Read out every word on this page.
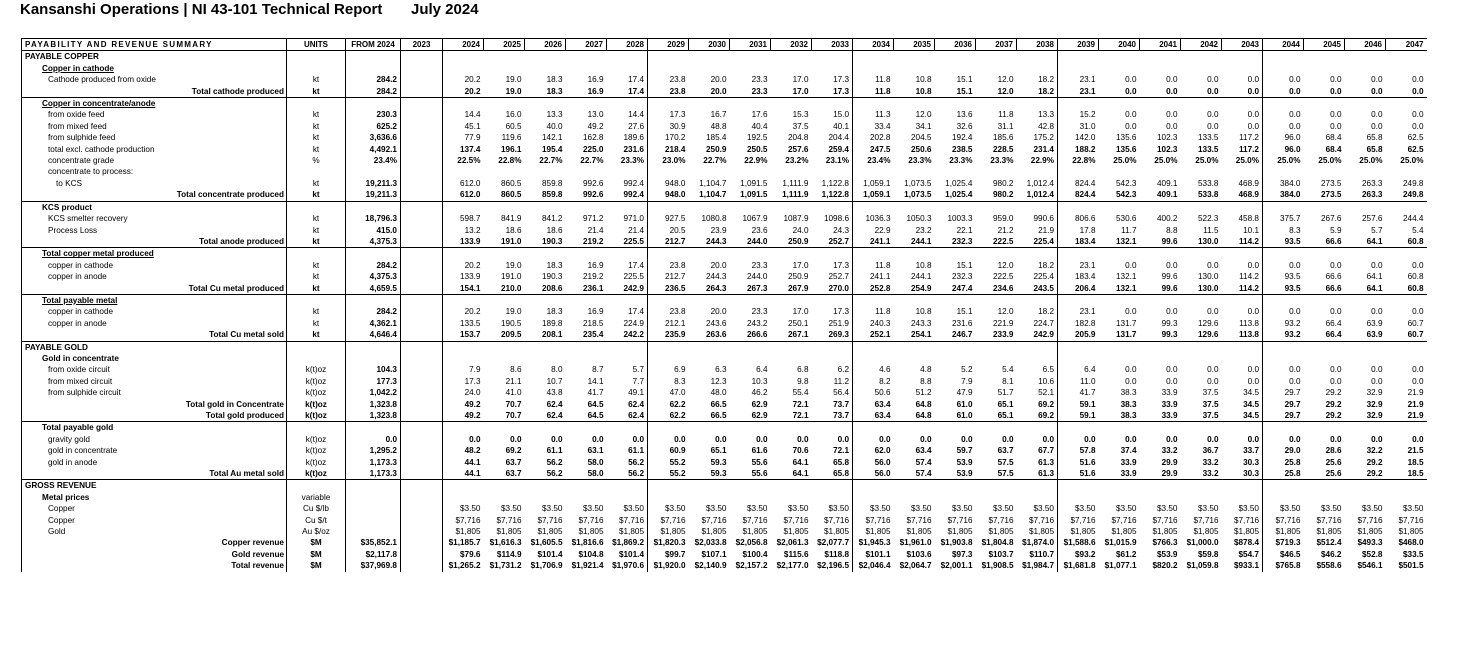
Kansanshi Operations | NI 43-101 Technical Report July 2024
PAYABILITY AND REVENUE SUMMARY	UNITS	FROM 2024	2023	2024	2025	2026	2027	2028	2029	2030	2031	2032	2033	2034	2035	2036	2037	2038	2039	2040	2041	2042	2043	2044	2045	2046	2047
PAYABLE COPPER																											
Copper in cathode																											
Cathode produced from oxide	kt	284.2		20.2	19.0	18.3	16.9	17.4	23.8	20.0	23.3	17.0	17.3	11.8	10.8	15.1	12.0	18.2	23.1	0.0	0.0	0.0	0.0	0.0	0.0	0.0	0.0
Total cathode produced	kt	284.2		20.2	19.0	18.3	16.9	17.4	23.8	20.0	23.3	17.0	17.3	11.8	10.8	15.1	12.0	18.2	23.1	0.0	0.0	0.0	0.0	0.0	0.0	0.0	0.0
Copper in concentrate/anode																											
from oxide feed	kt	230.3		14.4	16.0	13.3	13.0	14.4	17.3	16.7	17.6	15.3	15.0	11.3	12.0	13.6	11.8	13.3	15.2	0.0	0.0	0.0	0.0	0.0	0.0	0.0	0.0
from mixed feed	kt	625.2		45.1	60.5	40.0	49.2	27.6	30.9	48.8	40.4	37.5	40.1	33.4	34.1	32.6	31.1	42.8	31.0	0.0	0.0	0.0	0.0	0.0	0.0	0.0	0.0
from sulphide feed	kt	3,636.6		77.9	119.6	142.1	162.8	189.6	170.2	185.4	192.5	204.8	204.4	202.8	204.5	192.4	185.6	175.2	142.0	135.6	102.3	133.5	117.2	96.0	68.4	65.8	62.5
total excl. cathode production	kt	4,492.1		137.4	196.1	195.4	225.0	231.6	218.4	250.9	250.5	257.6	259.4	247.5	250.6	238.5	228.5	231.4	188.2	135.6	102.3	133.5	117.2	96.0	68.4	65.8	62.5
concentrate grade	%	23.4%		22.5%	22.8%	22.7%	22.7%	23.3%	23.0%	22.7%	22.9%	23.2%	23.1%	23.4%	23.3%	23.3%	23.3%	22.9%	22.8%	25.0%	25.0%	25.0%	25.0%	25.0%	25.0%	25.0%	25.0%
concentrate to process:																											
to KCS	kt	19,211.3		612.0	860.5	859.8	992.6	992.4	948.0	1,104.7	1,091.5	1,111.9	1,122.8	1,059.1	1,073.5	1,025.4	980.2	1,012.4	824.4	542.3	409.1	533.8	468.9	384.0	273.5	263.3	249.8
Total concentrate produced	kt	19,211.3		612.0	860.5	859.8	992.6	992.4	948.0	1,104.7	1,091.5	1,111.9	1,122.8	1,059.1	1,073.5	1,025.4	980.2	1,012.4	824.4	542.3	409.1	533.8	468.9	384.0	273.5	263.3	249.8
KCS product																											
KCS smelter recovery	kt	18,796.3		598.7	841.9	841.2	971.2	971.0	927.5	1080.8	1067.9	1087.9	1098.6	1036.3	1050.3	1003.3	959.0	990.6	806.6	530.6	400.2	522.3	458.8	375.7	267.6	257.6	244.4
Process Loss	kt	415.0		13.2	18.6	18.6	21.4	21.4	20.5	23.9	23.6	24.0	24.3	22.9	23.2	22.1	21.2	21.9	17.8	11.7	8.8	11.5	10.1	8.3	5.9	5.7	5.4
Total anode produced	kt	4,375.3		133.9	191.0	190.3	219.2	225.5	212.7	244.3	244.0	250.9	252.7	241.1	244.1	232.3	222.5	225.4	183.4	132.1	99.6	130.0	114.2	93.5	66.6	64.1	60.8
Total copper metal produced																											
copper in cathode	kt	284.2		20.2	19.0	18.3	16.9	17.4	23.8	20.0	23.3	17.0	17.3	11.8	10.8	15.1	12.0	18.2	23.1	0.0	0.0	0.0	0.0	0.0	0.0	0.0	0.0
copper in anode	kt	4,375.3		133.9	191.0	190.3	219.2	225.5	212.7	244.3	244.0	250.9	252.7	241.1	244.1	232.3	222.5	225.4	183.4	132.1	99.6	130.0	114.2	93.5	66.6	64.1	60.8
Total Cu metal produced	kt	4,659.5		154.1	210.0	208.6	236.1	242.9	236.5	264.3	267.3	267.9	270.0	252.8	254.9	247.4	234.6	243.5	206.4	132.1	99.6	130.0	114.2	93.5	66.6	64.1	60.8
Total payable metal																											
copper in cathode	kt	284.2		20.2	19.0	18.3	16.9	17.4	23.8	20.0	23.3	17.0	17.3	11.8	10.8	15.1	12.0	18.2	23.1	0.0	0.0	0.0	0.0	0.0	0.0	0.0	0.0
copper in anode	kt	4,362.1		133.5	190.5	189.8	218.5	224.9	212.1	243.6	243.2	250.1	251.9	240.3	243.3	231.6	221.9	224.7	182.8	131.7	99.3	129.6	113.8	93.2	66.4	63.9	60.7
Total Cu metal sold	kt	4,646.4		153.7	209.5	208.1	235.4	242.2	235.9	263.6	266.6	267.1	269.3	252.1	254.1	246.7	233.9	242.9	205.9	131.7	99.3	129.6	113.8	93.2	66.4	63.9	60.7
PAYABLE GOLD																											
Gold in concentrate																											
from oxide circuit	k(t)oz	104.3		7.9	8.6	8.0	8.7	5.7	6.9	6.3	6.4	6.8	6.2	4.6	4.8	5.2	5.4	6.5	6.4	0.0	0.0	0.0	0.0	0.0	0.0	0.0	0.0
from mixed circuit	k(t)oz	177.3		17.3	21.1	10.7	14.1	7.7	8.3	12.3	10.3	9.8	11.2	8.2	8.8	7.9	8.1	10.6	11.0	0.0	0.0	0.0	0.0	0.0	0.0	0.0	0.0
from sulphide circuit	k(t)oz	1,042.2		24.0	41.0	43.8	41.7	49.1	47.0	48.0	46.2	55.4	56.4	50.6	51.2	47.9	51.7	52.1	41.7	38.3	33.9	37.5	34.5	29.7	29.2	32.9	21.9
Total gold in Concentrate	k(t)oz	1,323.8		49.2	70.7	62.4	64.5	62.4	62.2	66.5	62.9	72.1	73.7	63.4	64.8	61.0	65.1	69.2	59.1	38.3	33.9	37.5	34.5	29.7	29.2	32.9	21.9
Total gold produced	k(t)oz	1,323.8		49.2	70.7	62.4	64.5	62.4	62.2	66.5	62.9	72.1	73.7	63.4	64.8	61.0	65.1	69.2	59.1	38.3	33.9	37.5	34.5	29.7	29.2	32.9	21.9
Total payable gold																											
gravity gold	k(t)oz	0.0		0.0	0.0	0.0	0.0	0.0	0.0	0.0	0.0	0.0	0.0	0.0	0.0	0.0	0.0	0.0	0.0	0.0	0.0	0.0	0.0	0.0	0.0	0.0	0.0
gold in concentrate	k(t)oz	1,295.2		48.2	69.2	61.1	63.1	61.1	60.9	65.1	61.6	70.6	72.1	62.0	63.4	59.7	63.7	67.7	57.8	37.4	33.2	36.7	33.7	29.0	28.6	32.2	21.5
gold in anode	k(t)oz	1,173.3		44.1	63.7	56.2	58.0	56.2	55.2	59.3	55.6	64.1	65.8	56.0	57.4	53.9	57.5	61.3	51.6	33.9	29.9	33.2	30.3	25.8	25.6	29.2	18.5
Total Au metal sold	k(t)oz	1,173.3		44.1	63.7	56.2	58.0	56.2	55.2	59.3	55.6	64.1	65.8	56.0	57.4	53.9	57.5	61.3	51.6	33.9	29.9	33.2	30.3	25.8	25.6	29.2	18.5
GROSS REVENUE																											
Metal prices	variable																										
Copper	Cu $/lb			$3.50	$3.50	$3.50	$3.50	$3.50	$3.50	$3.50	$3.50	$3.50	$3.50	$3.50	$3.50	$3.50	$3.50	$3.50	$3.50	$3.50	$3.50	$3.50	$3.50	$3.50	$3.50	$3.50	$3.50
Copper	Cu $/t			$7,716	$7,716	$7,716	$7,716	$7,716	$7,716	$7,716	$7,716	$7,716	$7,716	$7,716	$7,716	$7,716	$7,716	$7,716	$7,716	$7,716	$7,716	$7,716	$7,716	$7,716	$7,716	$7,716	$7,716
Gold	Au $/oz			$1,805	$1,805	$1,805	$1,805	$1,805	$1,805	$1,805	$1,805	$1,805	$1,805	$1,805	$1,805	$1,805	$1,805	$1,805	$1,805	$1,805	$1,805	$1,805	$1,805	$1,805	$1,805	$1,805	$1,805
Copper revenue	$M	$35,852.1		$1,185.7	$1,616.3	$1,605.5	$1,816.6	$1,869.2	$1,820.3	$2,033.8	$2,056.8	$2,061.3	$2,077.7	$1,945.3	$1,961.0	$1,903.8	$1,804.8	$1,874.0	$1,588.6	$1,015.9	$766.3	$1,000.0	$878.4	$719.3	$512.4	$493.3	$468.0
Gold revenue	$M	$2,117.8		$79.6	$114.9	$101.4	$104.8	$101.4	$99.7	$107.1	$100.4	$115.6	$118.8	$101.1	$103.6	$97.3	$103.7	$110.7	$93.2	$61.2	$53.9	$59.8	$54.7	$46.5	$46.2	$52.8	$33.5
Total revenue	$M	$37,969.8		$1,265.2	$1,731.2	$1,706.9	$1,921.4	$1,970.6	$1,920.0	$2,140.9	$2,157.2	$2,177.0	$2,196.5	$2,046.4	$2,064.7	$2,001.1	$1,908.5	$1,984.7	$1,681.8	$1,077.1	$820.2	$1,059.8	$933.1	$765.8	$558.6	$546.1	$501.5
